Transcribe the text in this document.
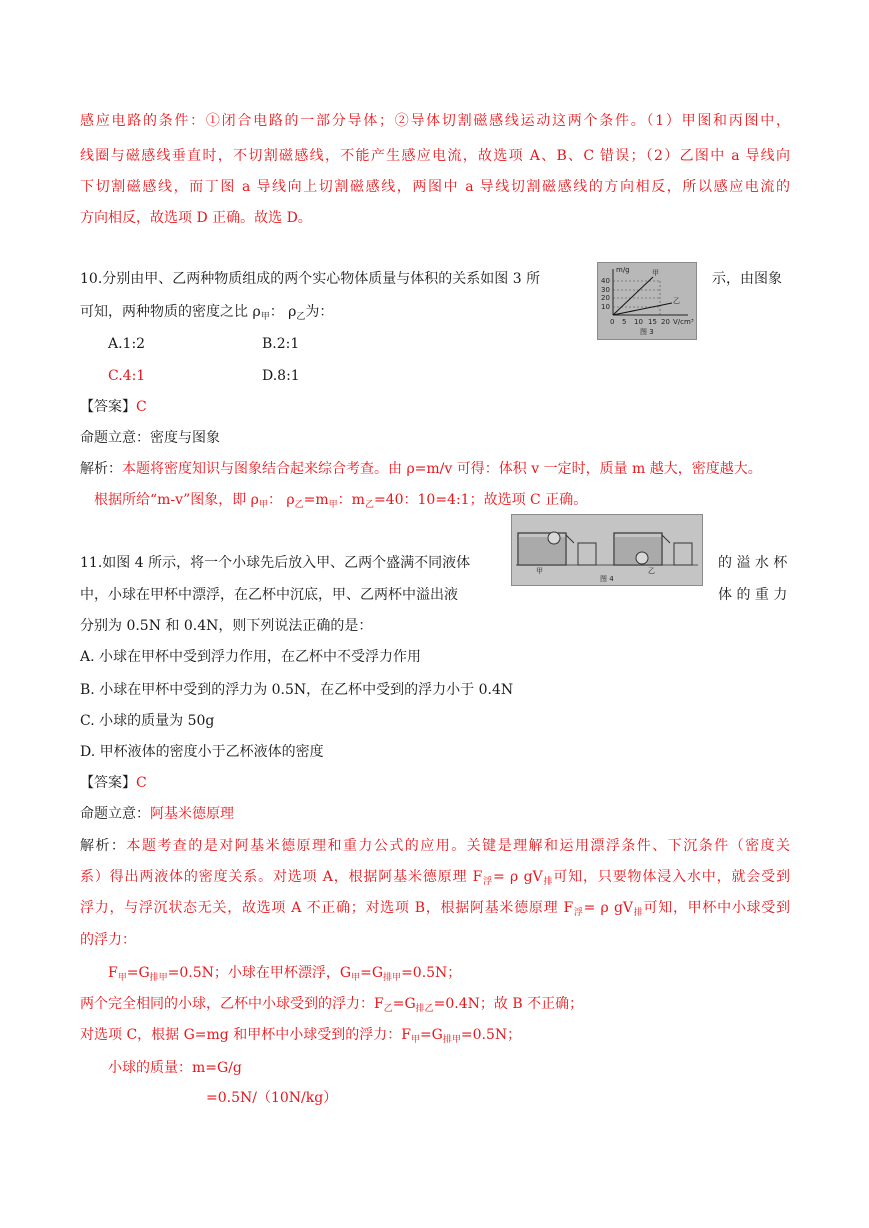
感应电路的条件：①闭合电路的一部分导体；②导体切割磁感线运动这两个条件。（1）甲图和丙图中，
线圈与磁感线垂直时，不切割磁感线，不能产生感应电流，故选项 A、B、C 错误；（2）乙图中 a 导线向
下切割磁感线，而丁图 a 导线向上切割磁感线，两图中 a 导线切割磁感线的方向相反，所以感应电流的
方向相反，故选项 D 正确。故选 D。
10.分别由甲、乙两种物质组成的两个实心物体质量与体积的关系如图 3 所	示，由图象
可知，两种物质的密度之比 $\rho_甲$： $\rho_乙$为：
m/g
40
30
20
10
0 5 10 15 20 V/cm³
甲
乙
图 3
A.1:2	B.2:1
C.4:1	D.8:1
【答案】C
命题立意：密度与图象
解析：本题将密度知识与图象结合起来综合考查。由 ρ=m/v 可得：体积 v 一定时，质量 m 越大，密度越大。
根据所给“m-v”图象，即 $\rho_甲$： $\rho_乙=m_甲$：$m_乙=40$：10=4:1；故选项 C 正确。
11.如图 4 所示，将一个小球先后放入甲、乙两个盛满不同液体	的 溢 水 杯
中，小球在甲杯中漂浮，在乙杯中沉底，甲、乙两杯中溢出液	体 的 重 力
甲	乙
图 4
分别为 0.5N 和 0.4N，则下列说法正确的是：
A. 小球在甲杯中受到浮力作用，在乙杯中不受浮力作用
B. 小球在甲杯中受到的浮力为 0.5N，在乙杯中受到的浮力小于 0.4N
C. 小球的质量为 50g
D. 甲杯液体的密度小于乙杯液体的密度
【答案】C
命题立意：阿基米德原理
解析：本题考查的是对阿基米德原理和重力公式的应用。关键是理解和运用漂浮条件、下沉条件（密度关
系）得出两液体的密度关系。对选项 A，根据阿基米德原理 $F_浮= \rho$ $gV_排$可知，只要物体浸入水中，就会受到
浮力，与浮沉状态无关，故选项 A 不正确；对选项 B，根据阿基米德原理 $F_浮= \rho$ $gV_排$可知，甲杯中小球受到
的浮力：
$F_甲=G_{排甲}=0.5N$；小球在甲杯漂浮，$G_甲=G_{排甲}=0.5N$；
两个完全相同的小球，乙杯中小球受到的浮力：$F_乙=G_{排乙}=0.4N$；故 B 不正确；
对选项 C，根据 G=mg 和甲杯中小球受到的浮力：$F_甲=G_{排甲}=0.5N$；
小球的质量：m=G/g
=0.5N/（10N/kg）
